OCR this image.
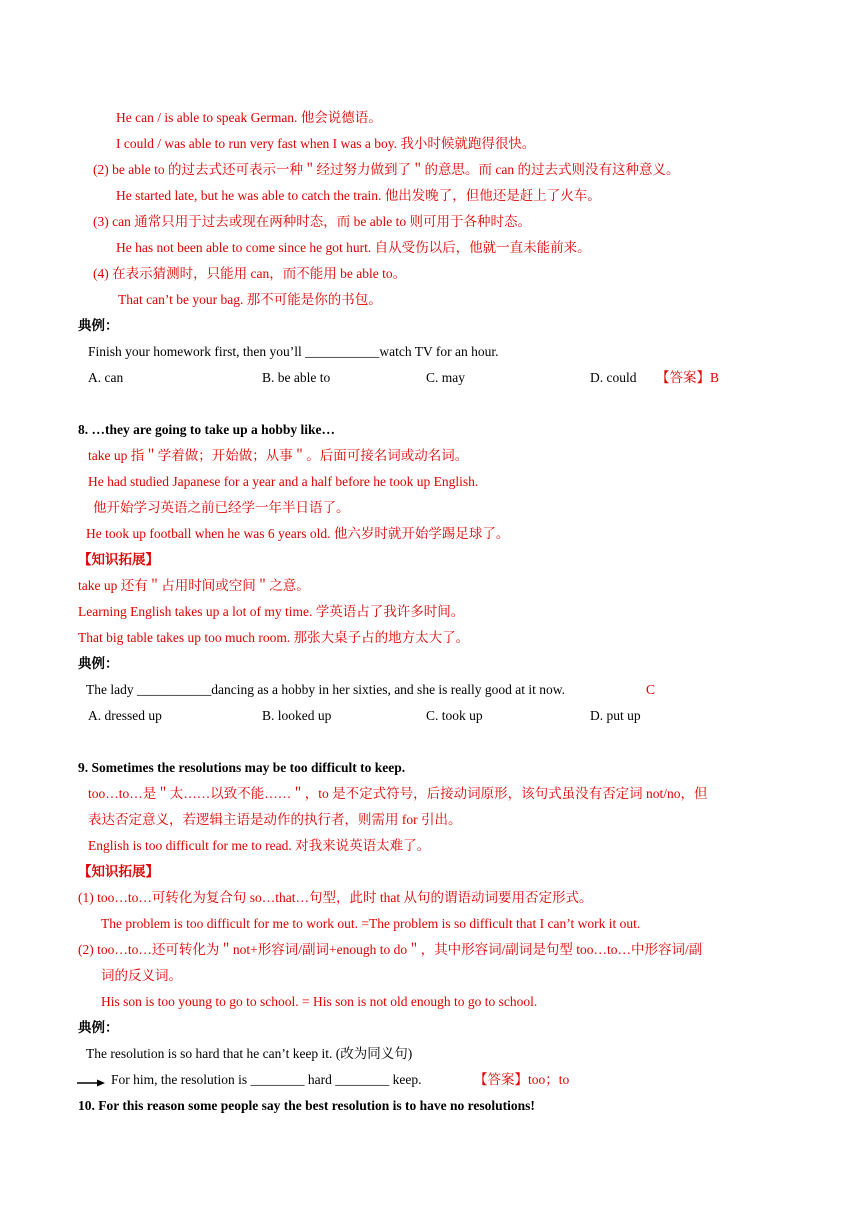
He can / is able to speak German. 他会说德语。
I could / was able to run very fast when I was a boy. 我小时候就跑得很快。
(2) be able to 的过去式还可表示一种＂经过努力做到了＂的意思。而 can 的过去式则没有这种意义。
He started late, but he was able to catch the train. 他出发晚了，但他还是赶上了火车。
(3) can 通常只用于过去或现在两种时态，而 be able to 则可用于各种时态。
He has not been able to come since he got hurt. 自从受伤以后，他就一直未能前来。
(4) 在表示猜测时，只能用 can，而不能用 be able to。
That can’t be your bag. 那不可能是你的书包。
典例：
Finish your homework first, then you’ll ___________watch TV for an hour.
A. can	B. be able to	C. may	D. could 【答案】B
8. …they are going to take up a hobby like…
take up 指＂学着做；开始做；从事＂。后面可接名词或动名词。
He had studied Japanese for a year and a half before he took up English.
他开始学习英语之前已经学一年半日语了。
He took up football when he was 6 years old. 他六岁时就开始学踢足球了。
【知识拓展】
take up 还有＂占用时间或空间＂之意。
Learning English takes up a lot of my time. 学英语占了我许多时间。
That big table takes up too much room. 那张大桌子占的地方太大了。
典例：
The lady ___________dancing as a hobby in her sixties, and she is really good at it now.	C
A. dressed up	B. looked up	C. took up	D. put up
9. Sometimes the resolutions may be too difficult to keep.
too…to…是＂太……以致不能……＂，to 是不定式符号，后接动词原形，该句式虽没有否定词 not/no，但
表达否定意义，若逻辑主语是动作的执行者，则需用 for 引出。
English is too difficult for me to read. 对我来说英语太难了。
【知识拓展】
(1) too…to…可转化为复合句 so…that…句型，此时 that 从句的谓语动词要用否定形式。
The problem is too difficult for me to work out. =The problem is so difficult that I can’t work it out.
(2) too…to…还可转化为＂not+形容词/副词+enough to do＂，其中形容词/副词是句型 too…to…中形容词/副
词的反义词。
His son is too young to go to school. = His son is not old enough to go to school.
典例：
The resolution is so hard that he can’t keep it. (改为同义句)
For him, the resolution is ________ hard ________ keep.	【答案】too；to
10. For this reason some people say the best resolution is to have no resolutions!
